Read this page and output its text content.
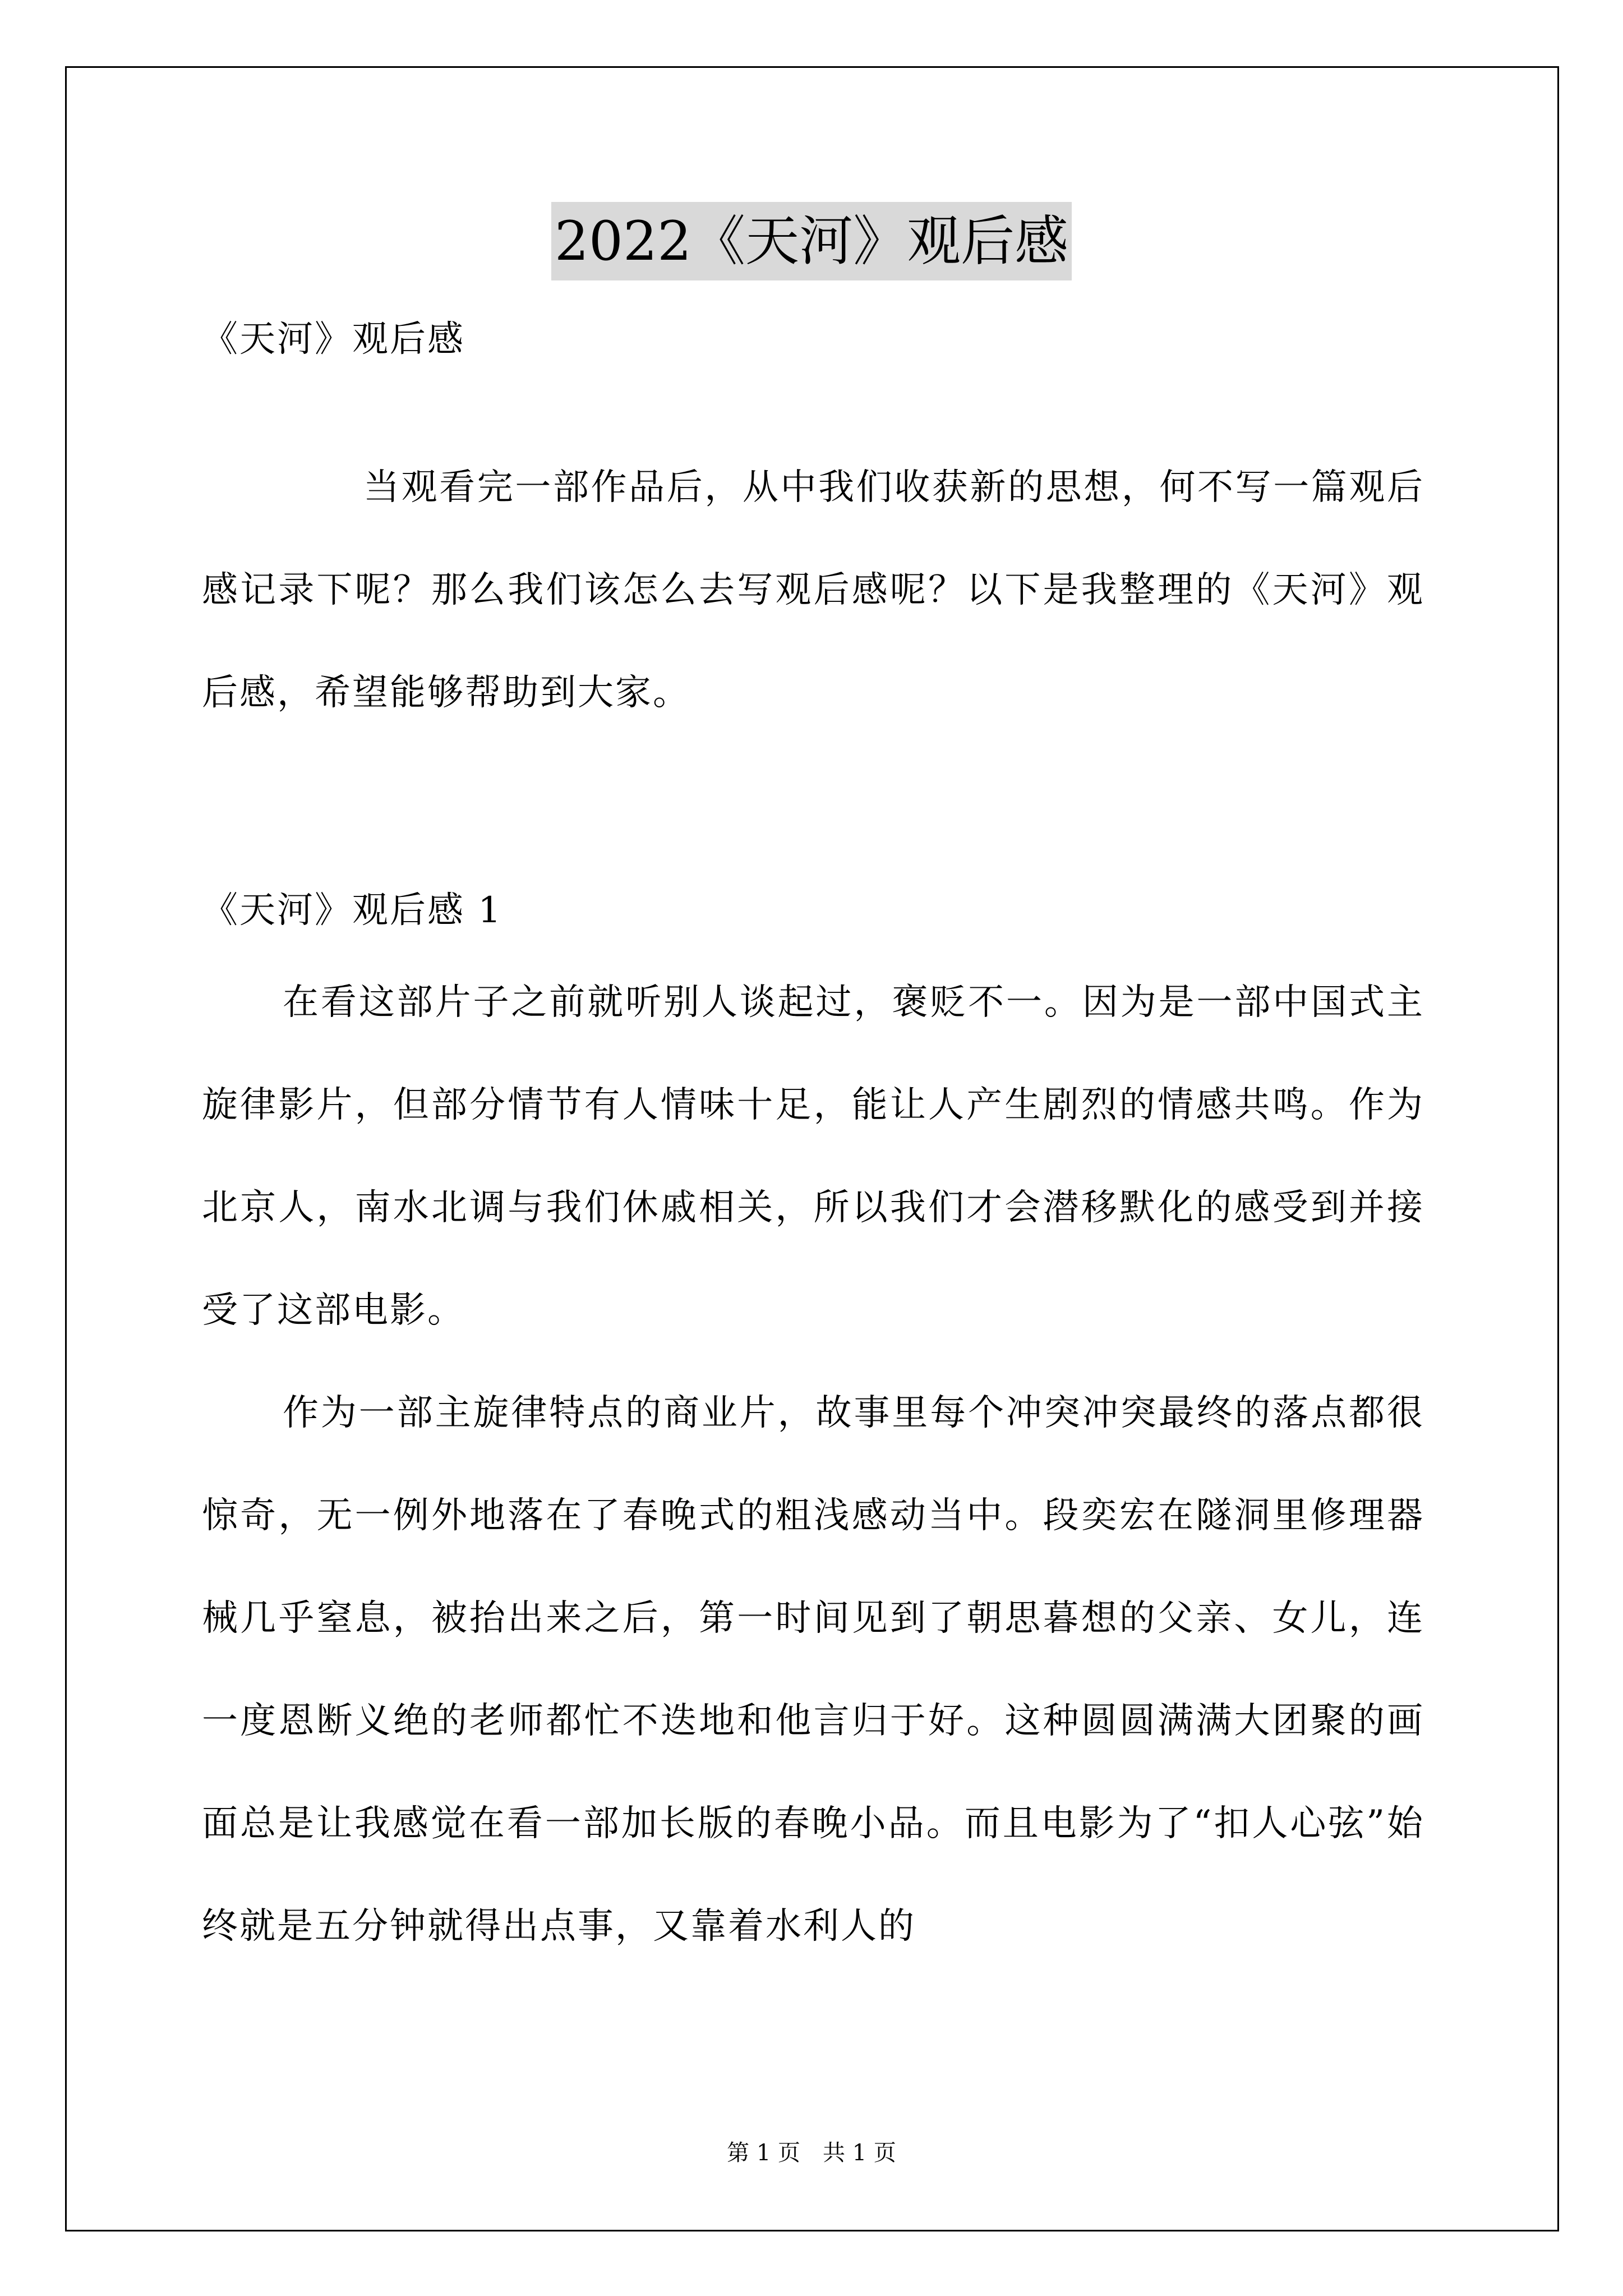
2022《天河》观后感

《天河》观后感

当观看完一部作品后，从中我们收获新的思想，何不写一篇观后感记录下呢？那么我们该怎么去写观后感呢？以下是我整理的《天河》观后感，希望能够帮助到大家。

《天河》观后感 1

在看这部片子之前就听别人谈起过，褒贬不一。因为是一部中国式主旋律影片，但部分情节有人情味十足，能让人产生剧烈的情感共鸣。作为北京人，南水北调与我们休戚相关，所以我们才会潜移默化的感受到并接受了这部电影。

作为一部主旋律特点的商业片，故事里每个冲突冲突最终的落点都很惊奇，无一例外地落在了春晚式的粗浅感动当中。段奕宏在隧洞里修理器械几乎窒息，被抬出来之后，第一时间见到了朝思暮想的父亲、女儿，连一度恩断义绝的老师都忙不迭地和他言归于好。这种圆圆满满大团聚的画面总是让我感觉在看一部加长版的春晚小品。而且电影为了“扣人心弦”始终就是五分钟就得出点事，又靠着水利人的

第 1 页　共 1 页
